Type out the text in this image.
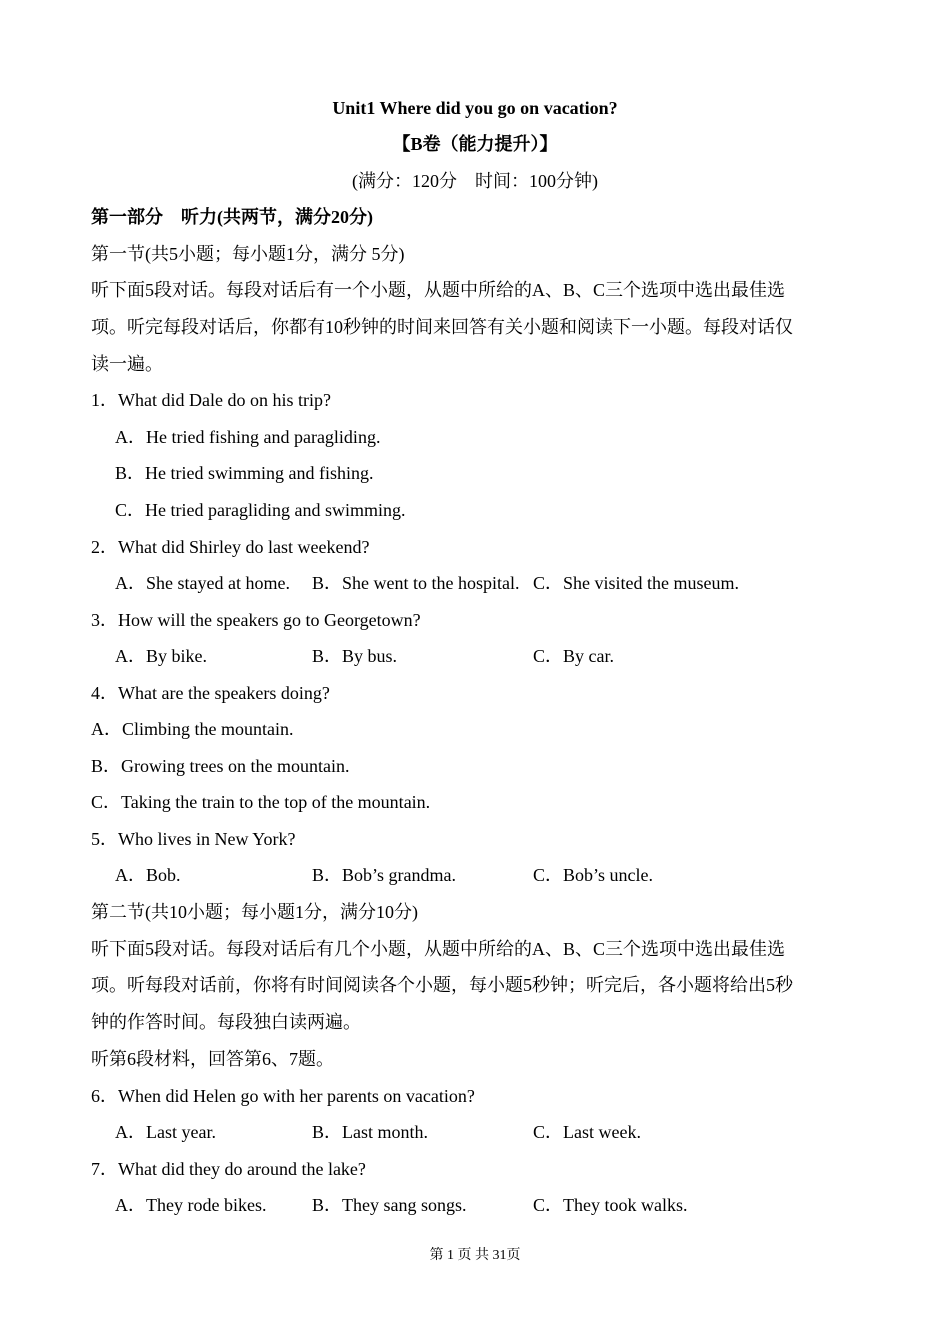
Unit1 Where did you go on vacation?
【B卷（能力提升）】
(满分：120分　时间：100分钟)
第一部分　听力(共两节，满分20分)
第一节(共5小题；每小题1分，满分 5分)
听下面5段对话。每段对话后有一个小题，从题中所给的A、B、C三个选项中选出最佳选
项。听完每段对话后，你都有10秒钟的时间来回答有关小题和阅读下一小题。每段对话仅
读一遍。
1．What did Dale do on his trip?
A．He tried fishing and paragliding.
B．He tried swimming and fishing.
C．He tried paragliding and swimming.
2．What did Shirley do last weekend?
A．She stayed at home. B．She went to the hospital. C．She visited the museum.
3．How will the speakers go to Georgetown?
A．By bike.	B．By bus.	C．By car.
4．What are the speakers doing?
A．Climbing the mountain.
B．Growing trees on the mountain.
C．Taking the train to the top of the mountain.
5．Who lives in New York?
A．Bob.	B．Bob’s grandma.	C．Bob’s uncle.
第二节(共10小题；每小题1分，满分10分)
听下面5段对话。每段对话后有几个小题，从题中所给的A、B、C三个选项中选出最佳选
项。听每段对话前，你将有时间阅读各个小题，每小题5秒钟；听完后，各小题将给出5秒
钟的作答时间。每段独白读两遍。
听第6段材料，回答第6、7题。
6．When did Helen go with her parents on vacation?
A．Last year.	B．Last month.	C．Last week.
7．What did they do around the lake?
A．They rode bikes.	B．They sang songs.	C．They took walks.
第 1 页 共 31页
